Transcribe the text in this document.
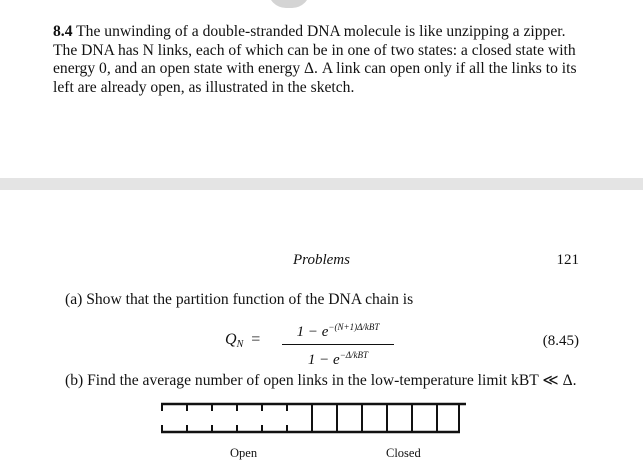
8.4 The unwinding of a double-stranded DNA molecule is like unzipping a zipper. The DNA has N links, each of which can be in one of two states: a closed state with energy 0, and an open state with energy Δ. A link can open only if all the links to its left are already open, as illustrated in the sketch.
Problems	121
(a) Show that the partition function of the DNA chain is
$Q_N$ =	$1 - e^{-(N+1)\Delta/kBT}$
$1 - e^{-\Delta/kBT}$
(8.45)
(b) Find the average number of open links in the low-temperature limit kBT ≪ Δ.
Open	Closed
